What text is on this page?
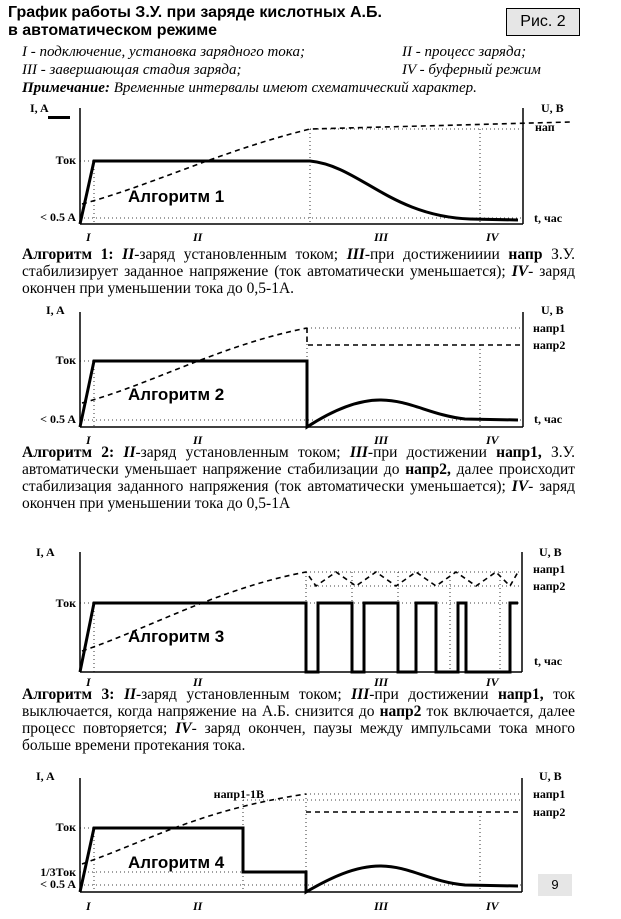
График работы З.У. при заряде кислотных А.Б.
в автоматическом режиме
Рис. 2
I - подключение, установка зарядного тока;	II - процесс заряда;
III - завершающая стадия заряда;	IV - буферный режим
Примечание: Временные интервалы имеют схематический характер.
I, A	U, В
Ток
< 0.5 A
нап
t, час
Алгоритм 1
I	II	III	IV
Алгоритм 1: II-заряд установленным током; III-при достиженииии напр З.У. стабилизирует заданное напряжение (ток автоматически уменьшается); IV- заряд окончен при уменьшении тока до 0,5-1А.
I, A	U, В
Ток
< 0.5 A
напр1
напр2
t, час
Алгоритм 2
I	II	III	IV
Алгоритм 2: II-заряд установленным током; III-при достижении напр1, З.У. автоматически уменьшает напряжение стабилизации до напр2, далее происходит стабилизация заданного напряжения (ток автоматически уменьшается); IV- заряд окончен при уменьшении тока до 0,5-1А
I, A	U, В
Ток
напр1
напр2
t, час
Алгоритм 3
I	II	III	IV
Алгоритм 3: II-заряд установленным током; III-при достижении напр1, ток выключается, когда напряжение на А.Б. снизится до напр2 ток включается, далее процесс повторяется; IV- заряд окончен, паузы между импульсами тока много больше времени протекания тока.
I, A	U, В
напр1-1В
Ток
1/3Ток
< 0.5 A
напр1
напр2
Алгоритм 4
I	II	III	IV
9
